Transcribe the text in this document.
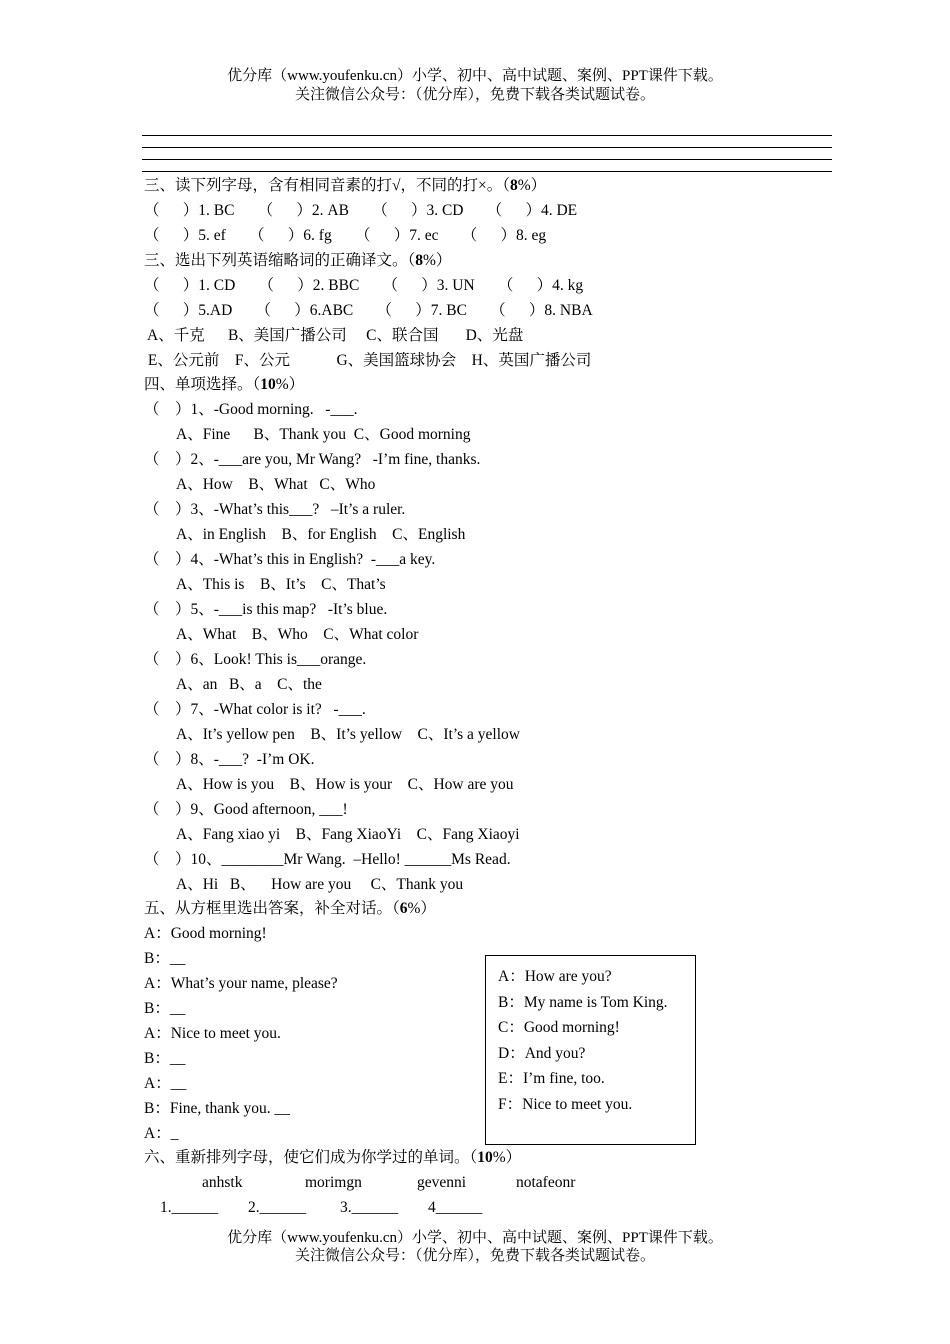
优分库（www.youfenku.cn）小学、初中、高中试题、案例、PPT课件下载。
关注微信公众号：（优分库），免费下载各类试题试卷。
三、读下列字母，含有相同音素的打√，不同的打×。（8%）
（      ）1. BC      （      ）2. AB      （      ）3. CD      （      ）4. DE
（      ）5. ef      （      ）6. fg      （      ）7. ec      （      ）8. eg
三、选出下列英语缩略词的正确译文。（8%）
（      ）1. CD      （      ）2. BBC      （      ）3. UN      （      ）4. kg
（      ）5.AD      （      ）6.ABC      （      ）7. BC      （      ）8. NBA
A、千克      B、美国广播公司     C、联合国       D、光盘
E、公元前    F、公元            G、美国篮球协会    H、英国广播公司
四、单项选择。（10%）
（    ）1、-Good morning.   -___.
A、Fine      B、Thank you  C、Good morning
（    ）2、-___are you, Mr Wang?   -I’m fine, thanks.
A、How    B、What   C、Who
（    ）3、-What’s this___?   –It’s a ruler.
A、in English    B、for English    C、English
（    ）4、-What’s this in English?  -___a key.
A、This is    B、It’s    C、That’s
（    ）5、-___is this map?   -It’s blue.
A、What    B、Who    C、What color
（    ）6、Look! This is___orange.
A、an   B、a    C、the
（    ）7、-What color is it?   -___.
A、It’s yellow pen    B、It’s yellow    C、It’s a yellow
（    ）8、-___?  -I’m OK.
A、How is you    B、How is your    C、How are you
（    ）9、Good afternoon, ___!
A、Fang xiao yi    B、Fang XiaoYi    C、Fang Xiaoyi
（    ）10、________Mr Wang.  –Hello! ______Ms Read.
A、Hi   B、    How are you     C、Thank you
五、从方框里选出答案，补全对话。（6%）
A：Good morning!
B：__
A：What’s your name, please?
B：__
A：Nice to meet you.
B：__
A：__
B：Fine, thank you. __
A：_
A：How are you?
B：My name is Tom King.
C：Good morning!
D：And you?
E：I’m fine, too.
F：Nice to meet you.
六、重新排列字母，使它们成为你学过的单词。（10%）
anhstk	morimgn	gevenni	notafeonr
1.______ 2.______ 3.______ 4______
优分库（www.youfenku.cn）小学、初中、高中试题、案例、PPT课件下载。
关注微信公众号：（优分库），免费下载各类试题试卷。
